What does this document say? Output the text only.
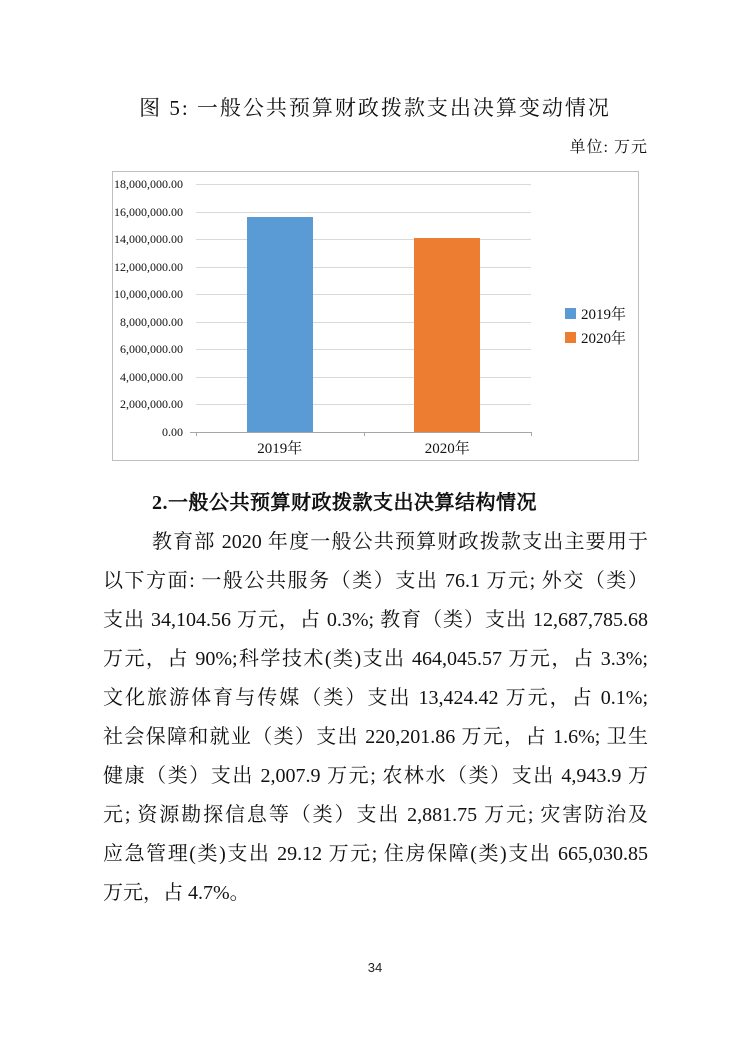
图 5: 一般公共预算财政拨款支出决算变动情况
单位: 万元
0.00
2,000,000.00
4,000,000.00
6,000,000.00
8,000,000.00
10,000,000.00
12,000,000.00
14,000,000.00
16,000,000.00
18,000,000.00
2019年
2020年
2019年	2020年
2.一般公共预算财政拨款支出决算结构情况
教育部 2020 年度一般公共预算财政拨款支出主要用于
以下方面: 一般公共服务（类）支出 76.1 万元; 外交（类）
支出 34,104.56 万元，占 0.3%; 教育（类）支出 12,687,785.68
万元，占 90%;科学技术(类)支出 464,045.57 万元，占 3.3%;
文化旅游体育与传媒（类）支出 13,424.42 万元，占 0.1%;
社会保障和就业（类）支出 220,201.86 万元，占 1.6%; 卫生
健康（类）支出 2,007.9 万元; 农林水（类）支出 4,943.9 万
元; 资源勘探信息等（类）支出 2,881.75 万元; 灾害防治及
应急管理(类)支出 29.12 万元; 住房保障(类)支出 665,030.85
万元，占 4.7%。
34
